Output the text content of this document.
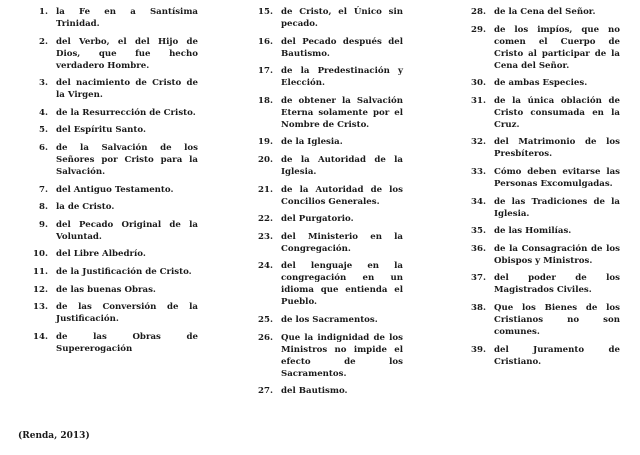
1. la Fe en a Santísima Trinidad.
2. del Verbo, el del Hijo de Dios, que fue hecho verdadero Hombre.
3. del nacimiento de Cristo de la Virgen.
4. de la Resurrección de Cristo.
5. del Espíritu Santo.
6. de la Salvación de los Señores por Cristo para la Salvación.
7. del Antiguo Testamento.
8. la de Cristo.
9. del Pecado Original de la Voluntad.
10. del Libre Albedrío.
11. de la Justificación de Cristo.
12. de las buenas Obras.
13. de las Conversión de la Justificación.
14. de las Obras de Supererogación
15. de Cristo, el Único sin pecado.
16. del Pecado después del Bautismo.
17. de la Predestinación y Elección.
18. de obtener la Salvación Eterna solamente por el Nombre de Cristo.
19. de la Iglesia.
20. de la Autoridad de la Iglesia.
21. de la Autoridad de los Concilios Generales.
22. del Purgatorio.
23. del Ministerio en la Congregación.
24. del lenguaje en la congregación en un idioma que entienda el Pueblo.
25. de los Sacramentos.
26. Que la indignidad de los Ministros no impide el efecto de los Sacramentos.
27. del Bautismo.
28. de la Cena del Señor.
29. de los impíos, que no comen el Cuerpo de Cristo al participar de la Cena del Señor.
30. de ambas Especies.
31. de la única oblación de Cristo consumada en la Cruz.
32. del Matrimonio de los Presbíteros.
33. Cómo deben evitarse las Personas Excomulgadas.
34. de las Tradiciones de la Iglesia.
35. de las Homilías.
36. de la Consagración de los Obispos y Ministros.
37. del poder de los Magistrados Civiles.
38. Que los Bienes de los Cristianos no son comunes.
39. del Juramento de Cristiano.
(Renda, 2013)
